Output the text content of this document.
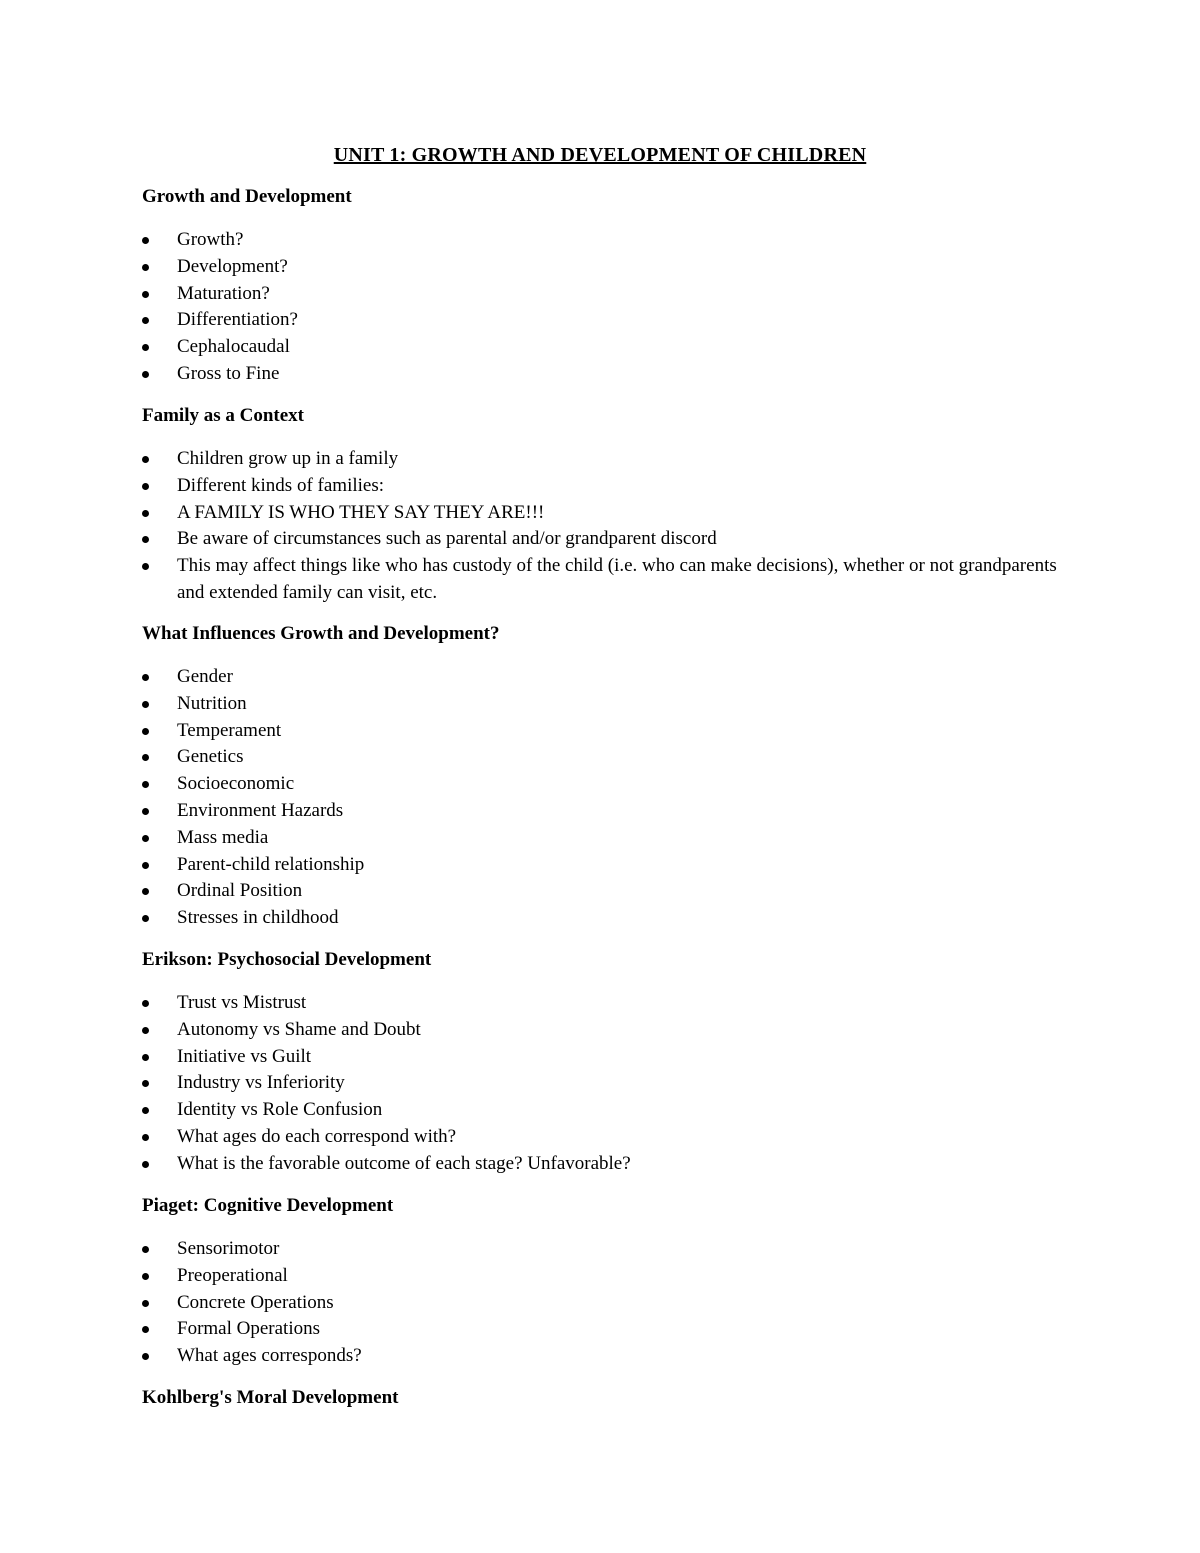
UNIT 1: GROWTH AND DEVELOPMENT OF CHILDREN
Growth and Development
Growth?
Development?
Maturation?
Differentiation?
Cephalocaudal
Gross to Fine
Family as a Context
Children grow up in a family
Different kinds of families:
A FAMILY IS WHO THEY SAY THEY ARE!!!
Be aware of circumstances such as parental and/or grandparent discord
This may affect things like who has custody of the child (i.e. who can make decisions), whether or not grandparents and extended family can visit, etc.
What Influences Growth and Development?
Gender
Nutrition
Temperament
Genetics
Socioeconomic
Environment Hazards
Mass media
Parent-child relationship
Ordinal Position
Stresses in childhood
Erikson: Psychosocial Development
Trust vs Mistrust
Autonomy vs Shame and Doubt
Initiative vs Guilt
Industry vs Inferiority
Identity vs Role Confusion
What ages do each correspond with?
What is the favorable outcome of each stage? Unfavorable?
Piaget: Cognitive Development
Sensorimotor
Preoperational
Concrete Operations
Formal Operations
What ages corresponds?
Kohlberg's Moral Development
